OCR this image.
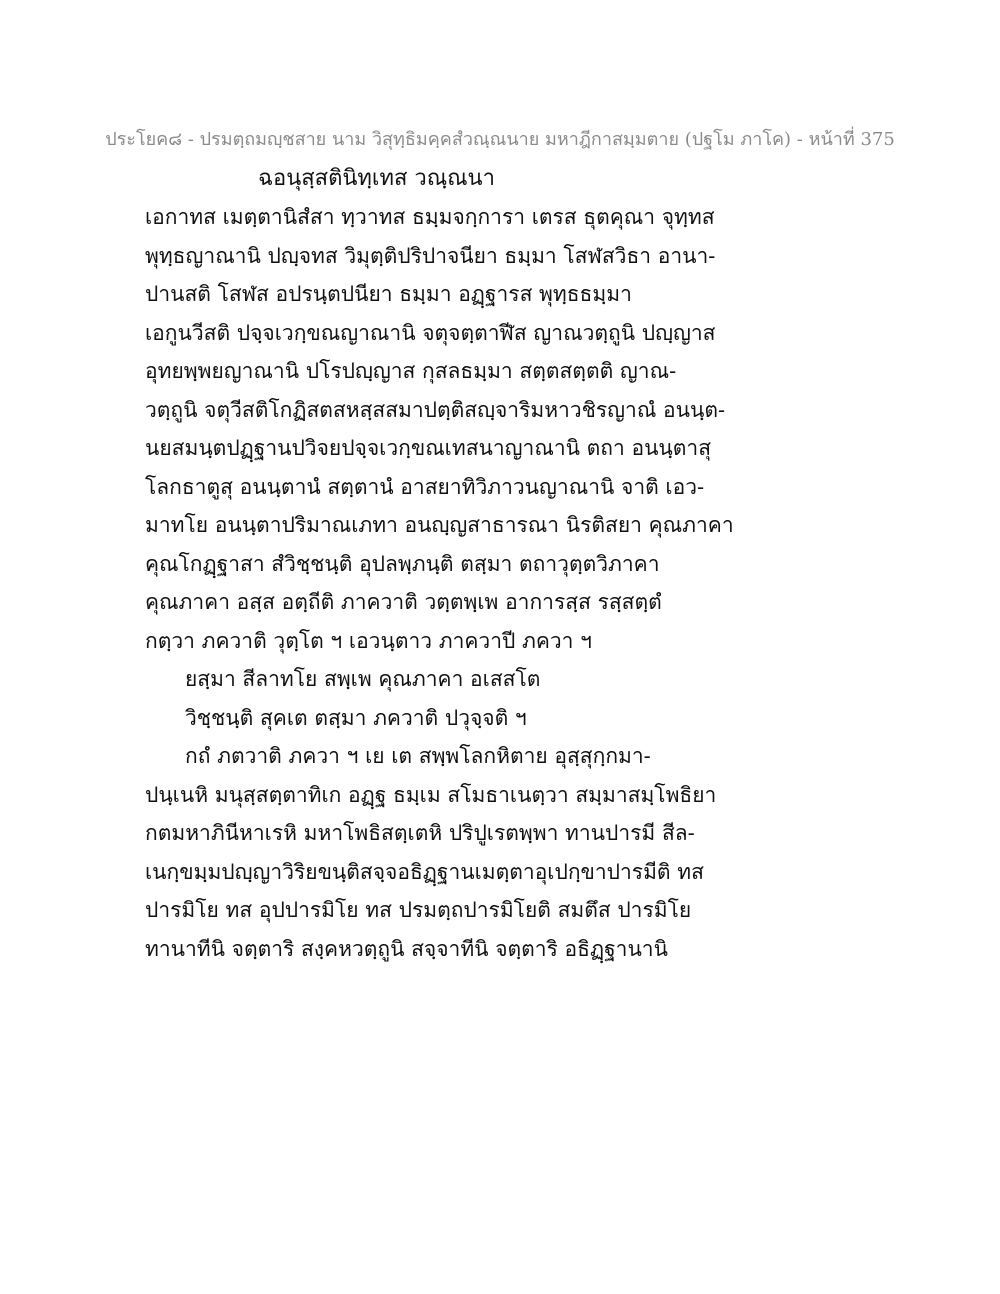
ประโยค๘ - ปรมตฺถมญฺชสาย นาม วิสุทฺธิมคฺคสํวณฺณนาย มหาฎีกาสมฺมตาย (ปฐโม ภาโค) - หน้าที่ 375
ฉอนุสฺสตินิทฺเทส วณฺณนา
เอกาทส เมตฺตานิสํสา ทฺวาทส ธมฺมจกฺการา เตรส ธุตคุณา จุทฺทส
พุทฺธญาณานิ ปญฺจทส วิมุตฺติปริปาจนียา ธมฺมา โสฬสวิธา อานา-
ปานสติ โสฬส อปรนฺตปนียา ธมฺมา อฏฺฐารส พุทฺธธมฺมา
เอกูนวีสติ ปจฺจเวกฺขณญาณานิ จตุจตฺตาฬีส ญาณวตฺถูนิ ปญฺญาส
อุทยพฺพยญาณานิ ปโรปญฺญาส กุสลธมฺมา สตฺตสตฺตติ ญาณ-
วตฺถูนิ จตุวีสติโกฏิสตสหสฺสสมาปตฺติสญฺจาริมหาวชิรญาณํ อนนฺต-
นยสมนฺตปฏฺฐานปวิจยปจฺจเวกฺขณเทสนาญาณานิ ตถา อนนฺตาสุ
โลกธาตูสุ อนนฺตานํ สตฺตานํ อาสยาทิวิภาวนญาณานิ จาติ เอว-
มาทโย อนนฺตาปริมาณเภทา อนญฺญสาธารณา นิรติสยา คุณภาคา
คุณโกฏฺฐาสา สํวิชฺชนฺติ อุปลพฺภนฺติ ตสฺมา ตถาวุตฺตวิภาคา
คุณภาคา อสฺส อตฺถีติ ภาควาติ วตฺตพฺเพ อาการสฺส รสฺสตฺตํ
กตฺวา ภควาติ วุตฺโต ฯ เอวนฺตาว ภาควาปี ภควา ฯ
ยสฺมา สีลาทโย สพฺเพ คุณภาคา อเสสโต
วิชฺชนฺติ สุคเต ตสฺมา ภควาติ ปวุจฺจติ ฯ
กถํ ภตวาติ ภควา ฯ เย เต สพฺพโลกหิตาย อุสฺสุกฺกมา-
ปนฺเนหิ มนุสฺสตฺตาทิเก อฏฺฐ ธมฺเม สโมธาเนตฺวา สมฺมาสมฺโพธิยา
กตมหาภินีหาเรหิ มหาโพธิสตฺเตหิ ปริปูเรตพฺพา ทานปารมี สีล-
เนกฺขมฺมปญฺญาวิริยขนฺติสจฺจอธิฏฺฐานเมตฺตาอุเปกฺขาปารมีติ ทส
ปารมิโย ทส อุปปารมิโย ทส ปรมตฺถปารมิโยติ สมตึส ปารมิโย
ทานาทีนิ จตฺตาริ สงฺคหวตฺถูนิ สจฺจาทีนิ จตฺตาริ อธิฏฺฐานานิ
